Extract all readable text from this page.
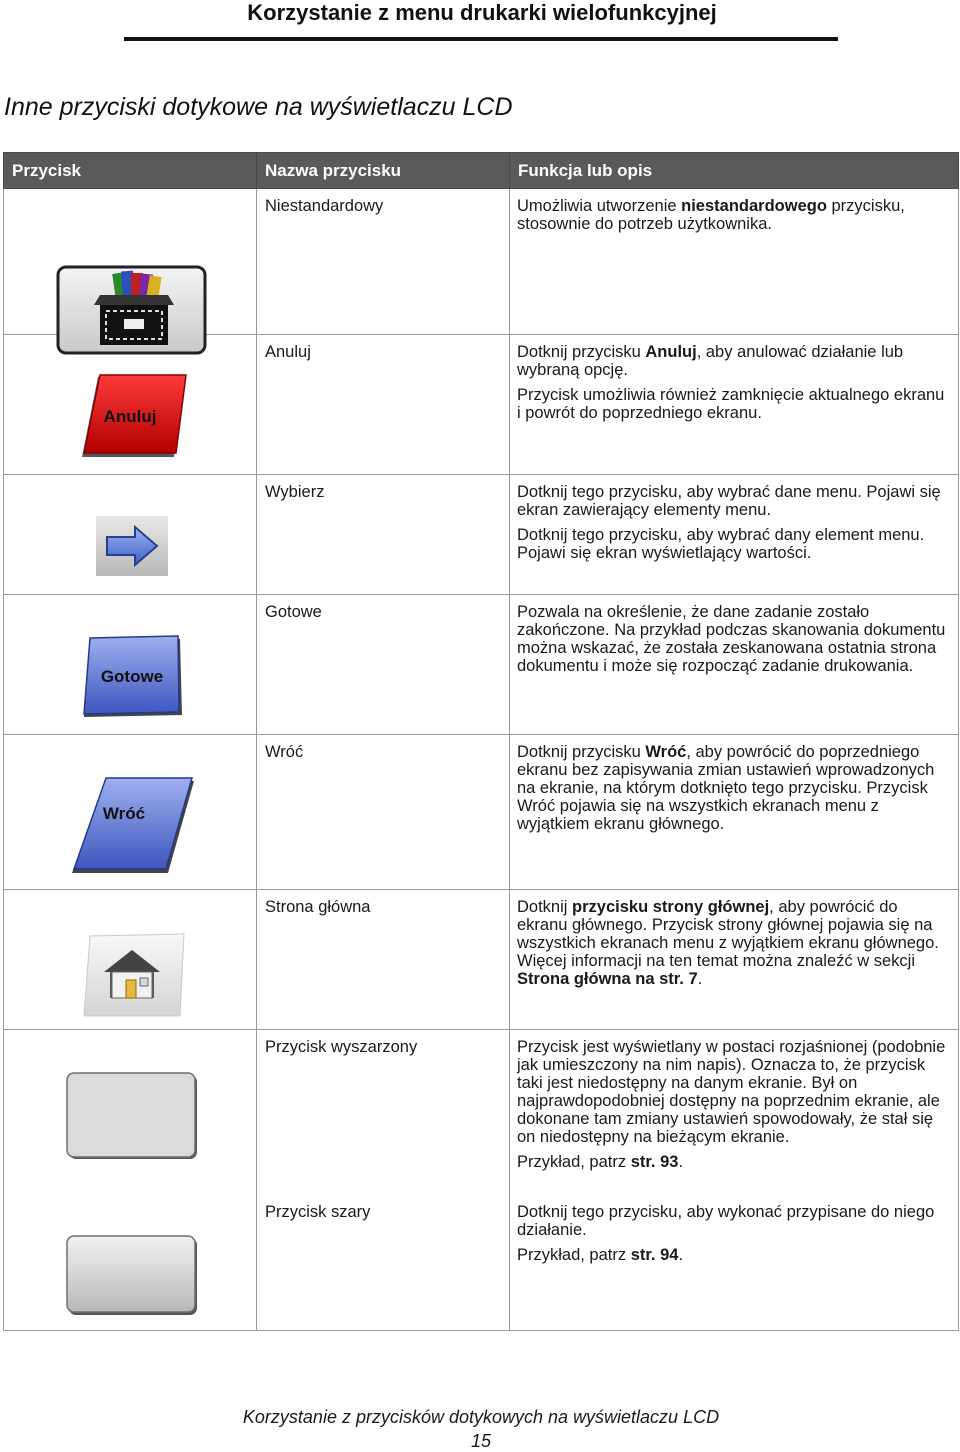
Korzystanie z menu drukarki wielofunkcyjnej
Inne przyciski dotykowe na wyświetlaczu LCD
Przycisk	Nazwa przycisku	Funkcja lub opis

	Niestandardowy	Umożliwia utworzenie niestandardowego przycisku, stosownie do potrzeb użytkownika.

Anuluj	Anuluj	Dotknij przycisku Anuluj, aby anulować działanie lub wybraną opcję.

Przycisk umożliwia również zamknięcie aktualnego ekranu i powrót do poprzedniego ekranu.

	Wybierz	Dotknij tego przycisku, aby wybrać dane menu. Pojawi się ekran zawierający elementy menu.

Dotknij tego przycisku, aby wybrać dany element menu. Pojawi się ekran wyświetlający wartości.

Gotowe	Gotowe	Pozwala na określenie, że dane zadanie zostało zakończone. Na przykład podczas skanowania dokumentu można wskazać, że została zeskanowana ostatnia strona dokumentu i może się rozpocząć zadanie drukowania.

Wróć	Wróć	Dotknij przycisku Wróć, aby powrócić do poprzedniego ekranu bez zapisywania zmian ustawień wprowadzonych na ekranie, na którym dotknięto tego przycisku. Przycisk Wróć pojawia się na wszystkich ekranach menu z wyjątkiem ekranu głównego.

	Strona główna	Dotknij przycisku strony głównej, aby powrócić do ekranu głównego. Przycisk strony głównej pojawia się na wszystkich ekranach menu z wyjątkiem ekranu głównego. Więcej informacji na ten temat można znaleźć w sekcji Strona główna na str. 7.

	Przycisk wyszarzony	Przycisk jest wyświetlany w postaci rozjaśnionej (podobnie jak umieszczony na nim napis). Oznacza to, że przycisk taki jest niedostępny na danym ekranie. Był on najprawdopodobniej dostępny na poprzednim ekranie, ale dokonane tam zmiany ustawień spowodowały, że stał się on niedostępny na bieżącym ekranie.

Przykład, patrz str. 93.

	Przycisk szary	Dotknij tego przycisku, aby wykonać przypisane do niego działanie.

Przykład, patrz str. 94.

Korzystanie z przycisków dotykowych na wyświetlaczu LCD
15
